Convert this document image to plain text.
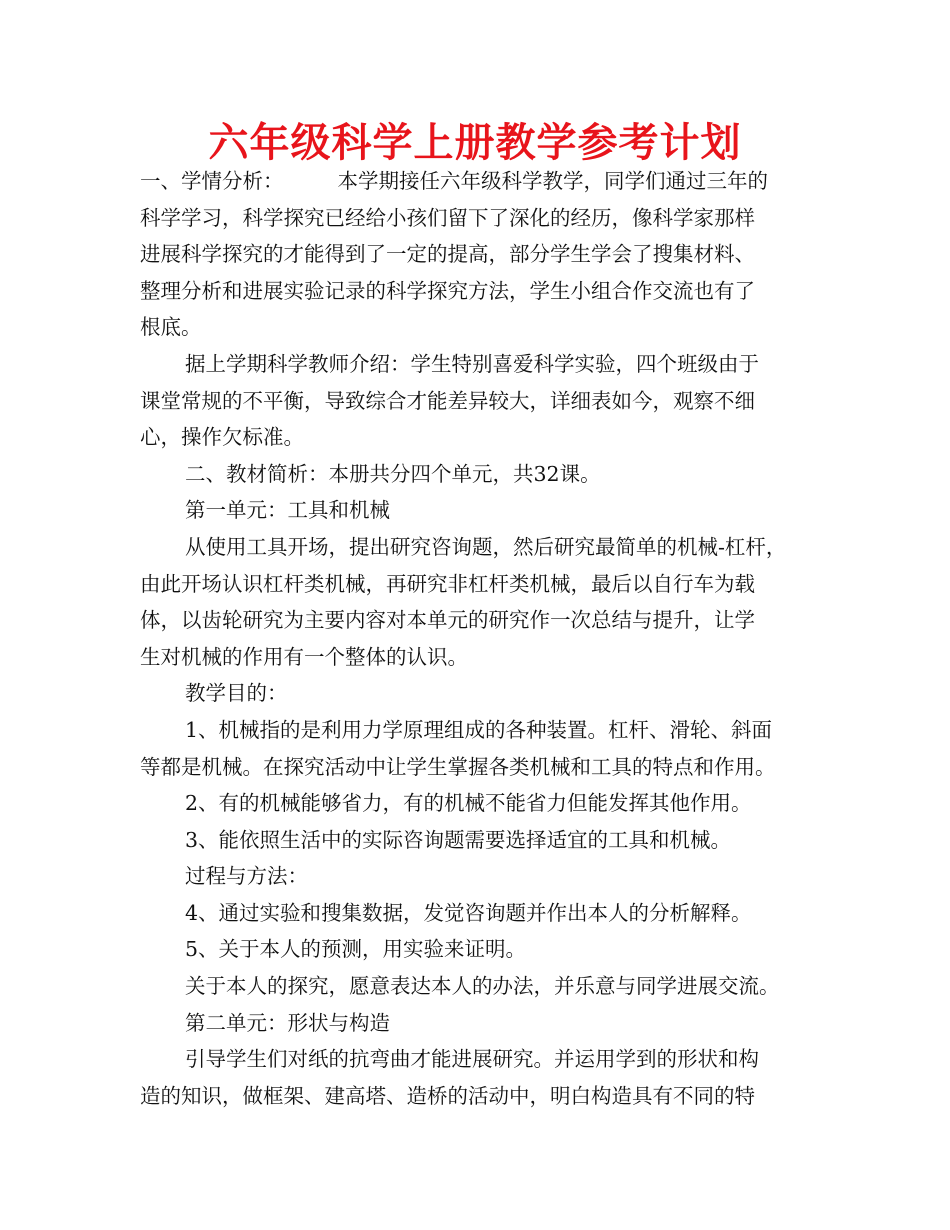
六年级科学上册教学参考计划
一、学情分析：	本学期接任六年级科学教学，同学们通过三年的
科学学习，科学探究已经给小孩们留下了深化的经历，像科学家那样
进展科学探究的才能得到了一定的提高，部分学生学会了搜集材料、
整理分析和进展实验记录的科学探究方法，学生小组合作交流也有了
根底。
据上学期科学教师介绍：学生特别喜爱科学实验，四个班级由于
课堂常规的不平衡，导致综合才能差异较大，详细表如今，观察不细
心，操作欠标准。
二、教材简析：本册共分四个单元，共32课。
第一单元：工具和机械
从使用工具开场，提出研究咨询题，然后研究最简单的机械-杠杆，
由此开场认识杠杆类机械，再研究非杠杆类机械，最后以自行车为载
体，以齿轮研究为主要内容对本单元的研究作一次总结与提升，让学
生对机械的作用有一个整体的认识。
教学目的：
1、机械指的是利用力学原理组成的各种装置。杠杆、滑轮、斜面
等都是机械。在探究活动中让学生掌握各类机械和工具的特点和作用。
2、有的机械能够省力，有的机械不能省力但能发挥其他作用。
3、能依照生活中的实际咨询题需要选择适宜的工具和机械。
过程与方法：
4、通过实验和搜集数据，发觉咨询题并作出本人的分析解释。
5、关于本人的预测，用实验来证明。
关于本人的探究，愿意表达本人的办法，并乐意与同学进展交流。
第二单元：形状与构造
引导学生们对纸的抗弯曲才能进展研究。并运用学到的形状和构
造的知识，做框架、建高塔、造桥的活动中，明白构造具有不同的特
